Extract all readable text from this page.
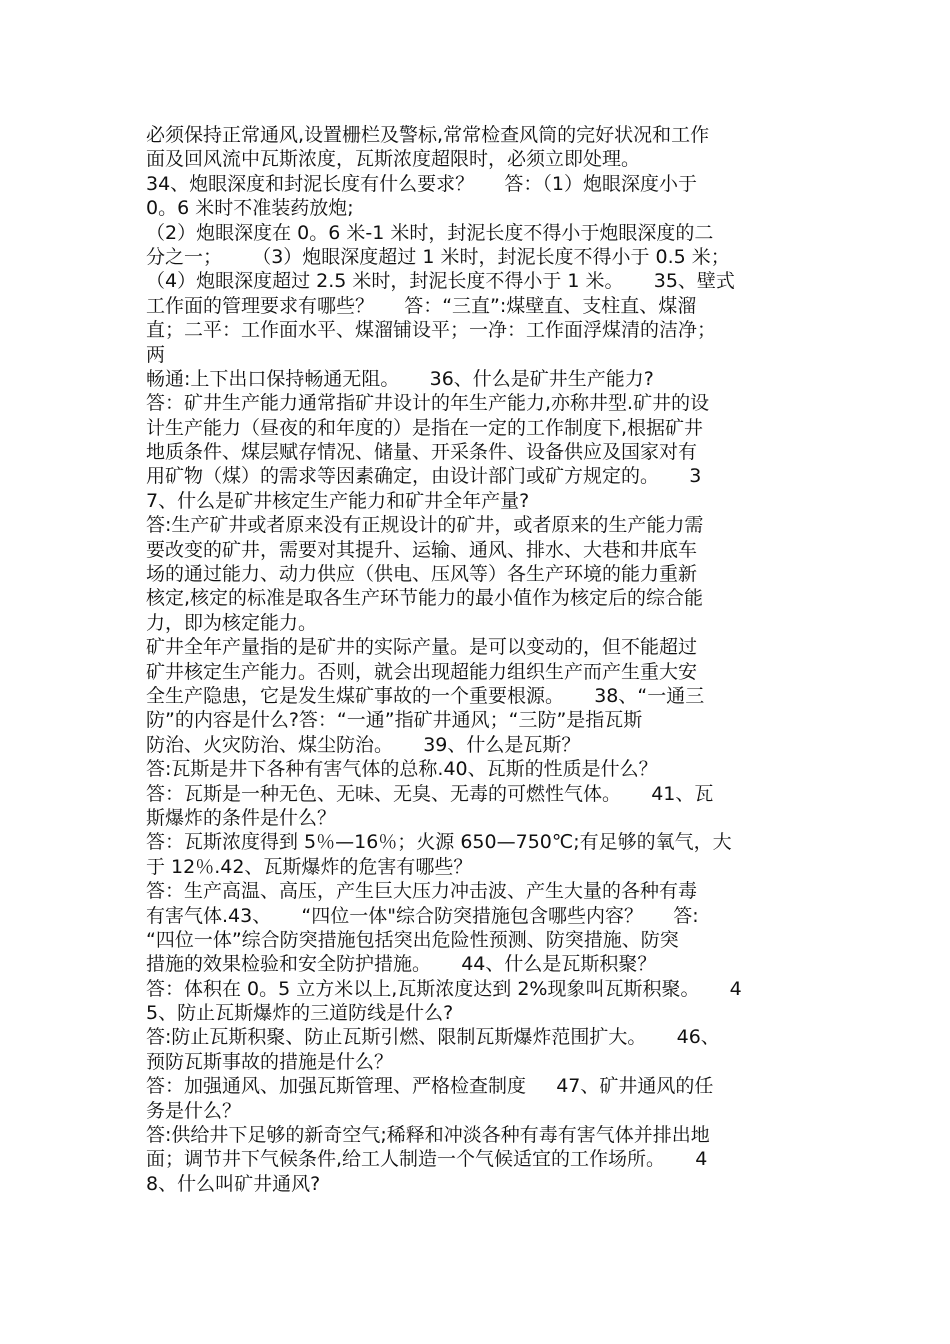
必须保持正常通风,设置栅栏及警标,常常检查风筒的完好状况和工作
面及回风流中瓦斯浓度，瓦斯浓度超限时，必须立即处理。
34、炮眼深度和封泥长度有什么要求？     答：（1）炮眼深度小于
0。6 米时不准装药放炮;
（2）炮眼深度在 0。6 米-1 米时，封泥长度不得小于炮眼深度的二
分之一；     （3）炮眼深度超过 1 米时，封泥长度不得小于 0.5 米；
（4）炮眼深度超过 2.5 米时，封泥长度不得小于 1 米。     35、壁式
工作面的管理要求有哪些？     答：“三直”:煤壁直、支柱直、煤溜
直；二平：工作面水平、煤溜铺设平；一净：工作面浮煤清的洁净；
两
畅通:上下出口保持畅通无阻。     36、什么是矿井生产能力?
答：矿井生产能力通常指矿井设计的年生产能力,亦称井型.矿井的设
计生产能力（昼夜的和年度的）是指在一定的工作制度下,根据矿井
地质条件、煤层赋存情况、储量、开采条件、设备供应及国家对有
用矿物（煤）的需求等因素确定，由设计部门或矿方规定的。     3
7、什么是矿井核定生产能力和矿井全年产量?
答:生产矿井或者原来没有正规设计的矿井，或者原来的生产能力需
要改变的矿井，需要对其提升、运输、通风、排水、大巷和井底车
场的通过能力、动力供应（供电、压风等）各生产环境的能力重新
核定,核定的标准是取各生产环节能力的最小值作为核定后的综合能
力，即为核定能力。
矿井全年产量指的是矿井的实际产量。是可以变动的，但不能超过
矿井核定生产能力。否则，就会出现超能力组织生产而产生重大安
全生产隐患，它是发生煤矿事故的一个重要根源。     38、“一通三
防”的内容是什么?答：“一通”指矿井通风；“三防”是指瓦斯
防治、火灾防治、煤尘防治。     39、什么是瓦斯？
答:瓦斯是井下各种有害气体的总称.40、瓦斯的性质是什么？
答：瓦斯是一种无色、无味、无臭、无毒的可燃性气体。     41、瓦
斯爆炸的条件是什么？
答：瓦斯浓度得到 5％—16％；火源 650—750℃;有足够的氧气，大
于 12％.42、瓦斯爆炸的危害有哪些？
答：生产高温、高压，产生巨大压力冲击波、产生大量的各种有毒
有害气体.43、     “四位一体"综合防突措施包含哪些内容？     答:
“四位一体”综合防突措施包括突出危险性预测、防突措施、防突
措施的效果检验和安全防护措施。     44、什么是瓦斯积聚？
答：体积在 0。5 立方米以上,瓦斯浓度达到 2%现象叫瓦斯积聚。     4
5、防止瓦斯爆炸的三道防线是什么?
答:防止瓦斯积聚、防止瓦斯引燃、限制瓦斯爆炸范围扩大。     46、
预防瓦斯事故的措施是什么？
答：加强通风、加强瓦斯管理、严格检查制度     47、矿井通风的任
务是什么？
答:供给井下足够的新奇空气;稀释和冲淡各种有毒有害气体并排出地
面；调节井下气候条件,给工人制造一个气候适宜的工作场所。     4
8、什么叫矿井通风?
